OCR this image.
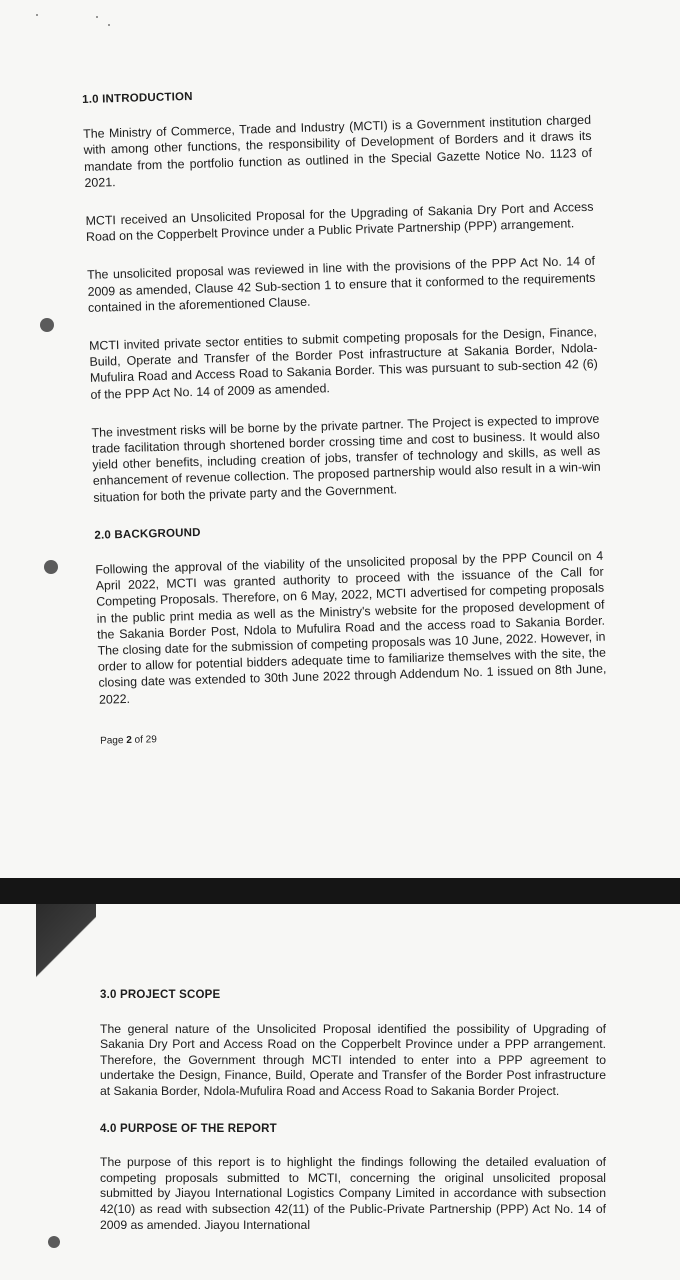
1.0 INTRODUCTION

The Ministry of Commerce, Trade and Industry (MCTI) is a Government institution charged with among other functions, the responsibility of Development of Borders and it draws its mandate from the portfolio function as outlined in the Special Gazette Notice No. 1123 of 2021.

MCTI received an Unsolicited Proposal for the Upgrading of Sakania Dry Port and Access Road on the Copperbelt Province under a Public Private Partnership (PPP) arrangement.

The unsolicited proposal was reviewed in line with the provisions of the PPP Act No. 14 of 2009 as amended, Clause 42 Sub-section 1 to ensure that it conformed to the requirements contained in the aforementioned Clause.

MCTI invited private sector entities to submit competing proposals for the Design, Finance, Build, Operate and Transfer of the Border Post infrastructure at Sakania Border, Ndola-Mufulira Road and Access Road to Sakania Border. This was pursuant to sub-section 42 (6) of the PPP Act No. 14 of 2009 as amended.

The investment risks will be borne by the private partner. The Project is expected to improve trade facilitation through shortened border crossing time and cost to business. It would also yield other benefits, including creation of jobs, transfer of technology and skills, as well as enhancement of revenue collection. The proposed partnership would also result in a win-win situation for both the private party and the Government.

2.0 BACKGROUND

Following the approval of the viability of the unsolicited proposal by the PPP Council on 4 April 2022, MCTI was granted authority to proceed with the issuance of the Call for Competing Proposals. Therefore, on 6 May, 2022, MCTI advertised for competing proposals in the public print media as well as the Ministry's website for the proposed development of the Sakania Border Post, Ndola to Mufulira Road and the access road to Sakania Border. The closing date for the submission of competing proposals was 10 June, 2022. However, in order to allow for potential bidders adequate time to familiarize themselves with the site, the closing date was extended to 30th June 2022 through Addendum No. 1 issued on 8th June, 2022.

Page 2 of 29
3.0 PROJECT SCOPE

The general nature of the Unsolicited Proposal identified the possibility of Upgrading of Sakania Dry Port and Access Road on the Copperbelt Province under a PPP arrangement. Therefore, the Government through MCTI intended to enter into a PPP agreement to undertake the Design, Finance, Build, Operate and Transfer of the Border Post infrastructure at Sakania Border, Ndola-Mufulira Road and Access Road to Sakania Border Project.

4.0 PURPOSE OF THE REPORT

The purpose of this report is to highlight the findings following the detailed evaluation of competing proposals submitted to MCTI, concerning the original unsolicited proposal submitted by Jiayou International Logistics Company Limited in accordance with subsection 42(10) as read with subsection 42(11) of the Public-Private Partnership (PPP) Act No. 14 of 2009 as amended. Jiayou International
